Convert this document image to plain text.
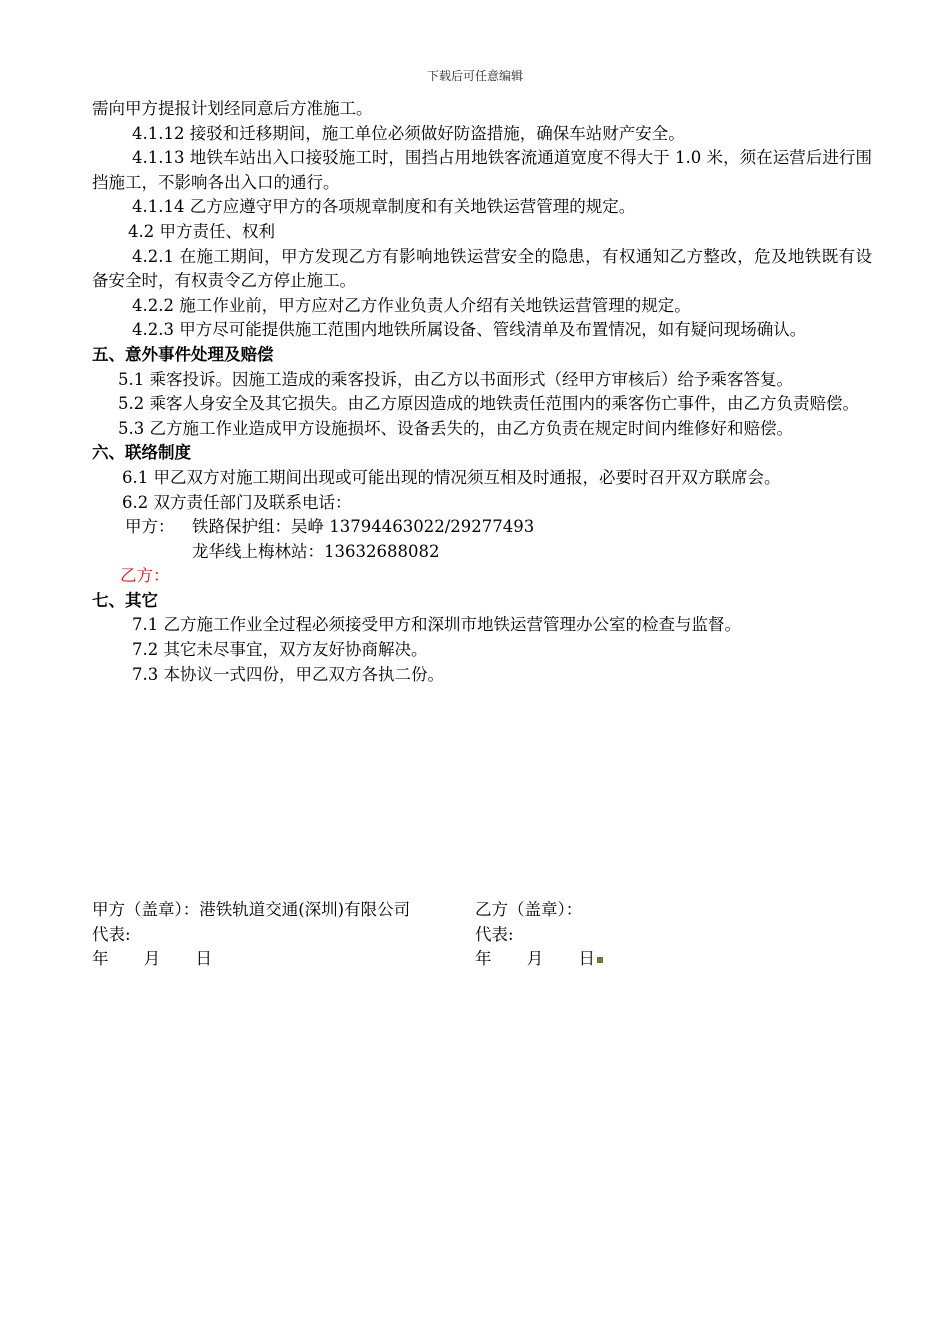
下载后可任意编辑

需向甲方提报计划经同意后方准施工。

4.1.12 接驳和迁移期间，施工单位必须做好防盗措施，确保车站财产安全。

4.1.13 地铁车站出入口接驳施工时，围挡占用地铁客流通道宽度不得大于 1.0 米，须在运营后进行围挡施工，不影响各出入口的通行。

4.1.14 乙方应遵守甲方的各项规章制度和有关地铁运营管理的规定。

4.2 甲方责任、权利

4.2.1 在施工期间，甲方发现乙方有影响地铁运营安全的隐患，有权通知乙方整改，危及地铁既有设备安全时，有权责令乙方停止施工。

4.2.2 施工作业前，甲方应对乙方作业负责人介绍有关地铁运营管理的规定。

4.2.3 甲方尽可能提供施工范围内地铁所属设备、管线清单及布置情况，如有疑问现场确认。

五、意外事件处理及赔偿

5.1 乘客投诉。因施工造成的乘客投诉，由乙方以书面形式（经甲方审核后）给予乘客答复。

5.2 乘客人身安全及其它损失。由乙方原因造成的地铁责任范围内的乘客伤亡事件，由乙方负责赔偿。

5.3 乙方施工作业造成甲方设施损坏、设备丢失的，由乙方负责在规定时间内维修好和赔偿。

六、联络制度

6.1 甲乙双方对施工期间出现或可能出现的情况须互相及时通报，必要时召开双方联席会。

6.2 双方责任部门及联系电话：

甲方：	铁路保护组：吴峥 13794463022/29277493
龙华线上梅林站：13632688082
乙方：

七、其它

7.1 乙方施工作业全过程必须接受甲方和深圳市地铁运营管理办公室的检查与监督。

7.2 其它未尽事宜，双方友好协商解决。

7.3 本协议一式四份，甲乙双方各执二份。

甲方（盖章）：港铁轨道交通(深圳)有限公司	乙方（盖章）：
代表:	代表:
年 月 日	年 月 日
